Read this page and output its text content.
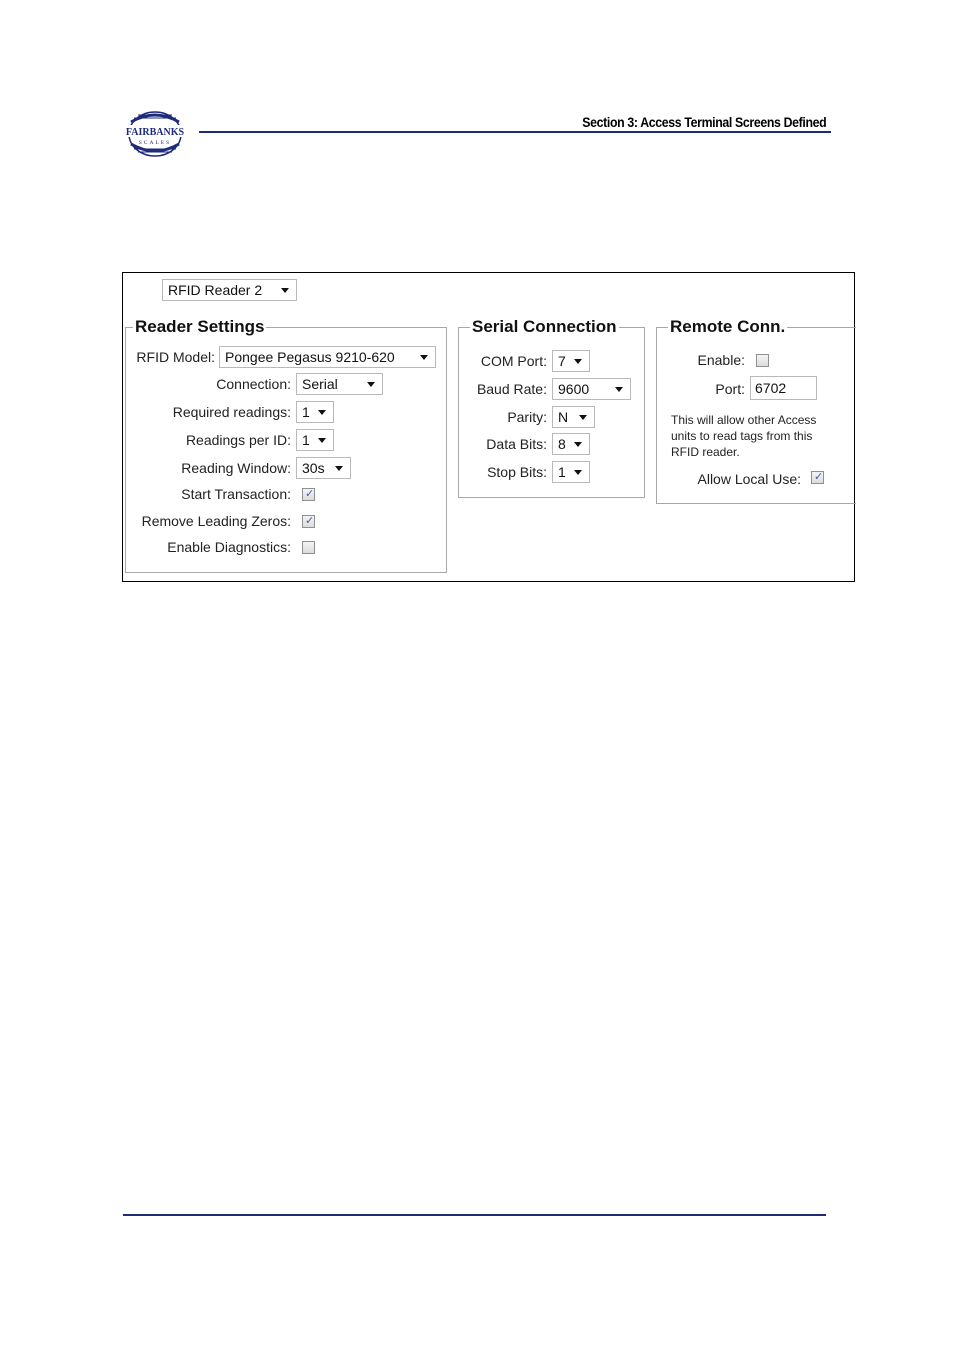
FAIRBANKS
SCALES
Section 3: Access Terminal Screens Defined
RFID Reader 2
Reader Settings
RFID Model: Pongee Pegasus 9210-620
Connection: Serial
Required readings: 1
Readings per ID: 1
Reading Window: 30s
Start Transaction: ✓
Remove Leading Zeros: ✓
Enable Diagnostics:
Serial Connection
COM Port: 7
Baud Rate: 9600
Parity: N
Data Bits: 8
Stop Bits: 1
Remote Conn.
Enable:
Port: 6702
This will allow other Access
units to read tags from this
RFID reader.
Allow Local Use: ✓
